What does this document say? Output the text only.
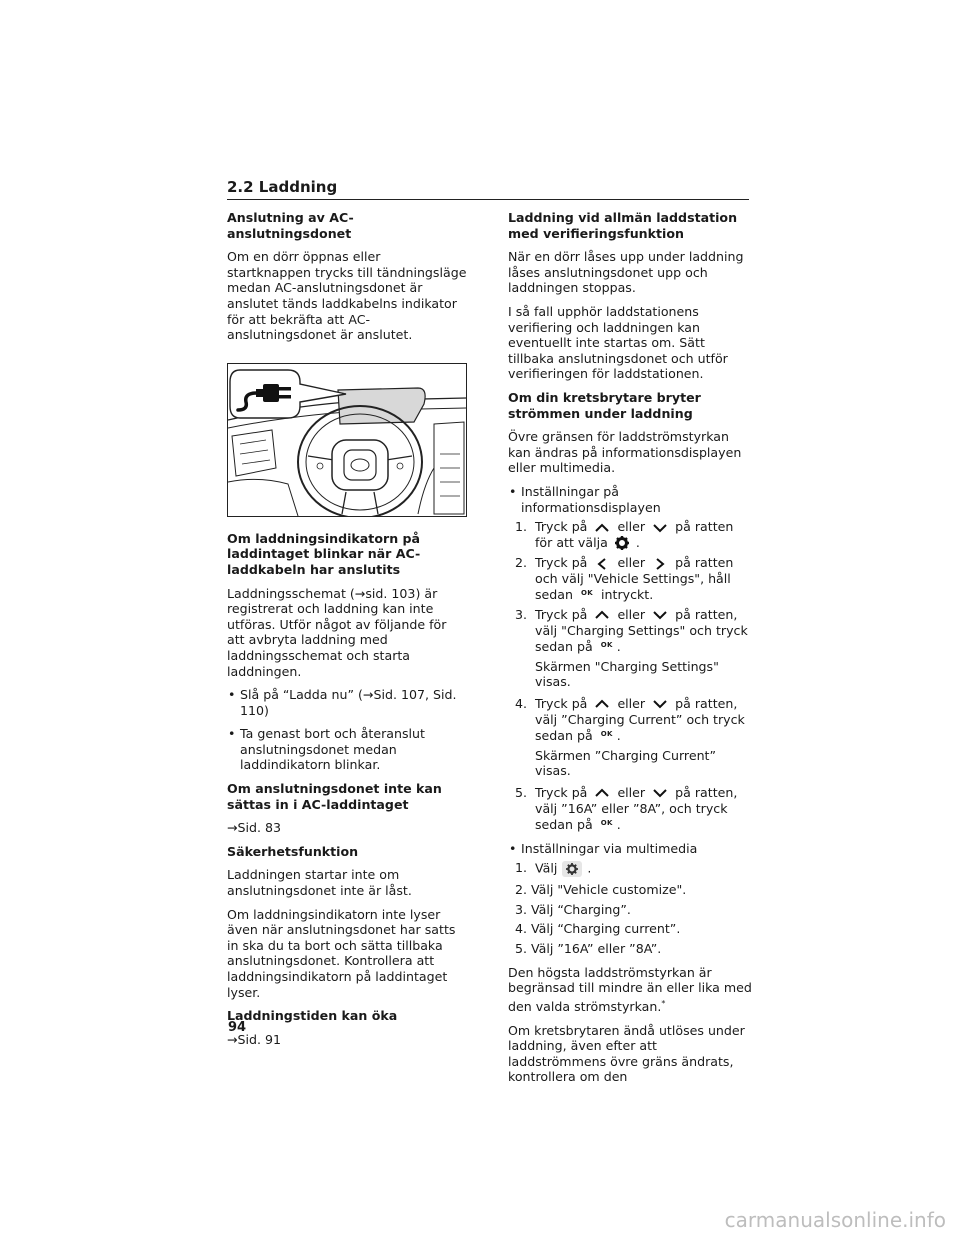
2.2 Laddning
Anslutning av AC-anslutningsdonet

Om en dörr öppnas eller startknappen trycks till tändningsläge medan AC-anslutningsdonet är anslutet tänds laddkabelns indikator för att bekräfta att AC-anslutningsdonet är anslutet.

Om laddningsindikatorn på laddintaget blinkar när AC-laddkabeln har anslutits

Laddningsschemat (→sid. 103) är registrerat och laddning kan inte utföras. Utför något av följande för att avbryta laddning med laddningsschemat och starta laddningen.

• Slå på “Ladda nu” (→Sid. 107, Sid. 110)
• Ta genast bort och återanslut anslutningsdonet medan laddindikatorn blinkar.
Om anslutningsdonet inte kan sättas in i AC-laddintaget

→Sid. 83

Säkerhetsfunktion

Laddningen startar inte om anslutningsdonet inte är låst.

Om laddningsindikatorn inte lyser även när anslutningsdonet har satts in ska du ta bort och sätta tillbaka anslutningsdonet. Kontrollera att laddningsindikatorn på laddintaget lyser.

Laddningstiden kan öka

→Sid. 91

Laddning vid allmän laddstation med verifieringsfunktion

När en dörr låses upp under laddning låses anslutningsdonet upp och laddningen stoppas.

I så fall upphör laddstationens verifiering och laddningen kan eventuellt inte startas om. Sätt tillbaka anslutningsdonet och utför verifieringen för laddstationen.

Om din kretsbrytare bryter strömmen under laddning

Övre gränsen för laddströmstyrkan kan ändras på informationsdisplayen eller multimedia.

• Inställningar på informationsdisplayen
1. Tryck på eller på ratten för att välja .
2. Tryck på eller på ratten och välj "Vehicle Settings", håll sedan $^{OK}$ intryckt.
3. Tryck på eller på ratten, välj "Charging Settings" och tryck sedan på $^{OK}$ .
Skärmen "Charging Settings" visas.
4. Tryck på eller på ratten, välj ”Charging Current” och tryck sedan på $^{OK}$ .
Skärmen ”Charging Current” visas.
5. Tryck på eller på ratten, välj ”16A” eller ”8A”, och tryck sedan på $^{OK}$ .
• Inställningar via multimedia
1. Välj .
2. Välj "Vehicle customize".
3. Välj “Charging”.
4. Välj “Charging current”.
5. Välj ”16A” eller ”8A”.

Den högsta laddströmstyrkan är begränsad till mindre än eller lika med den valda strömstyrkan.*

Om kretsbrytaren ändå utlöses under laddning, även efter att laddströmmens övre gräns ändrats, kontrollera om den

94
carmanualsonline.info
